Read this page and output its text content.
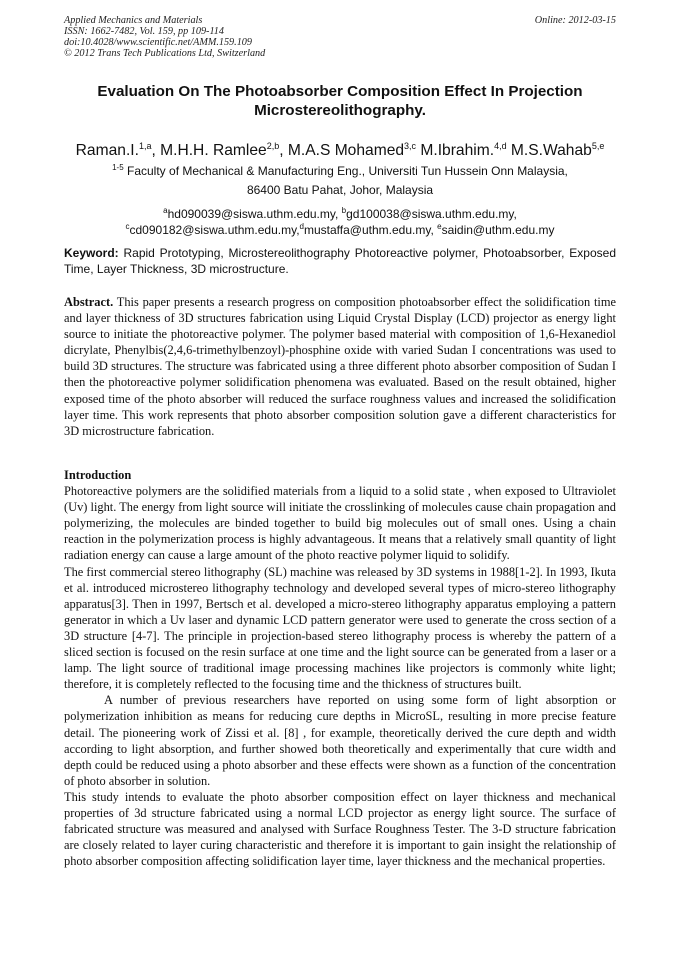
Applied Mechanics and Materials
ISSN: 1662-7482, Vol. 159, pp 109-114
doi:10.4028/www.scientific.net/AMM.159.109
© 2012 Trans Tech Publications Ltd, Switzerland
Online: 2012-03-15
Evaluation On The Photoabsorber Composition Effect In Projection
Microstereolithography.
Raman.I.$^{1,a}$, M.H.H. Ramlee$^{2,b}$, M.A.S Mohamed$^{3,c}$ M.Ibrahim.$^{4,d}$ M.S.Wahab$^{5,e}$
$^{1-5}$ Faculty of Mechanical & Manufacturing Eng., Universiti Tun Hussein Onn Malaysia,
86400 Batu Pahat, Johor, Malaysia
$^a$hd090039@siswa.uthm.edu.my, $^b$gd100038@siswa.uthm.edu.my,
$^c$cd090182@siswa.uthm.edu.my,$^d$mustaffa@uthm.edu.my, $^e$saidin@uthm.edu.my
Keyword: Rapid Prototyping, Microstereolithography Photoreactive polymer, Photoabsorber, Exposed Time, Layer Thickness, 3D microstructure.

Abstract. This paper presents a research progress on composition photoabsorber effect the solidification time and layer thickness of 3D structures fabrication using Liquid Crystal Display (LCD) projector as energy light source to initiate the photoreactive polymer. The polymer based material with composition of 1,6-Hexanediol dicrylate, Phenylbis(2,4,6-trimethylbenzoyl)-phosphine oxide with varied Sudan I concentrations was used to build 3D structures. The structure was fabricated using a three different photo absorber composition of Sudan I then the photoreactive polymer solidification phenomena was evaluated. Based on the result obtained, higher exposed time of the photo absorber will reduced the surface roughness values and increased the solidification layer time. This work represents that photo absorber composition solution gave a different characteristics for 3D microstructure fabrication.

Introduction

Photoreactive polymers are the solidified materials from a liquid to a solid state , when exposed to Ultraviolet (Uv) light. The energy from light source will initiate the crosslinking of molecules cause chain propagation and polymerizing, the molecules are binded together to build big molecules out of small ones. Using a chain reaction in the polymerization process is highly advantageous. It means that a relatively small quantity of light radiation energy can cause a large amount of the photo reactive polymer liquid to solidify.

The first commercial stereo lithography (SL) machine was released by 3D systems in 1988[1-2]. In 1993, Ikuta et al. introduced microstereo lithography technology and developed several types of micro-stereo lithography apparatus[3]. Then in 1997, Bertsch et al. developed a micro-stereo lithography apparatus employing a pattern generator in which a Uv laser and dynamic LCD pattern generator were used to generate the cross section of a 3D structure [4-7]. The principle in projection-based stereo lithography process is whereby the pattern of a sliced section is focused on the resin surface at one time and the light source can be generated from a laser or a lamp. The light source of traditional image processing machines like projectors is commonly white light; therefore, it is completely reflected to the focusing time and the thickness of structures built.

A number of previous researchers have reported on using some form of light absorption or polymerization inhibition as means for reducing cure depths in MicroSL, resulting in more precise feature detail. The pioneering work of Zissi et al. [8] , for example, theoretically derived the cure depth and width according to light absorption, and further showed both theoretically and experimentally that cure width and depth could be reduced using a photo absorber and these effects were shown as a function of the concentration of photo absorber in solution.

This study intends to evaluate the photo absorber composition effect on layer thickness and mechanical properties of 3d structure fabricated using a normal LCD projector as energy light source. The surface of fabricated structure was measured and analysed with Surface Roughness Tester. The 3-D structure fabrication are closely related to layer curing characteristic and therefore it is important to gain insight the relationship of photo absorber composition affecting solidification layer time, layer thickness and the mechanical properties.
